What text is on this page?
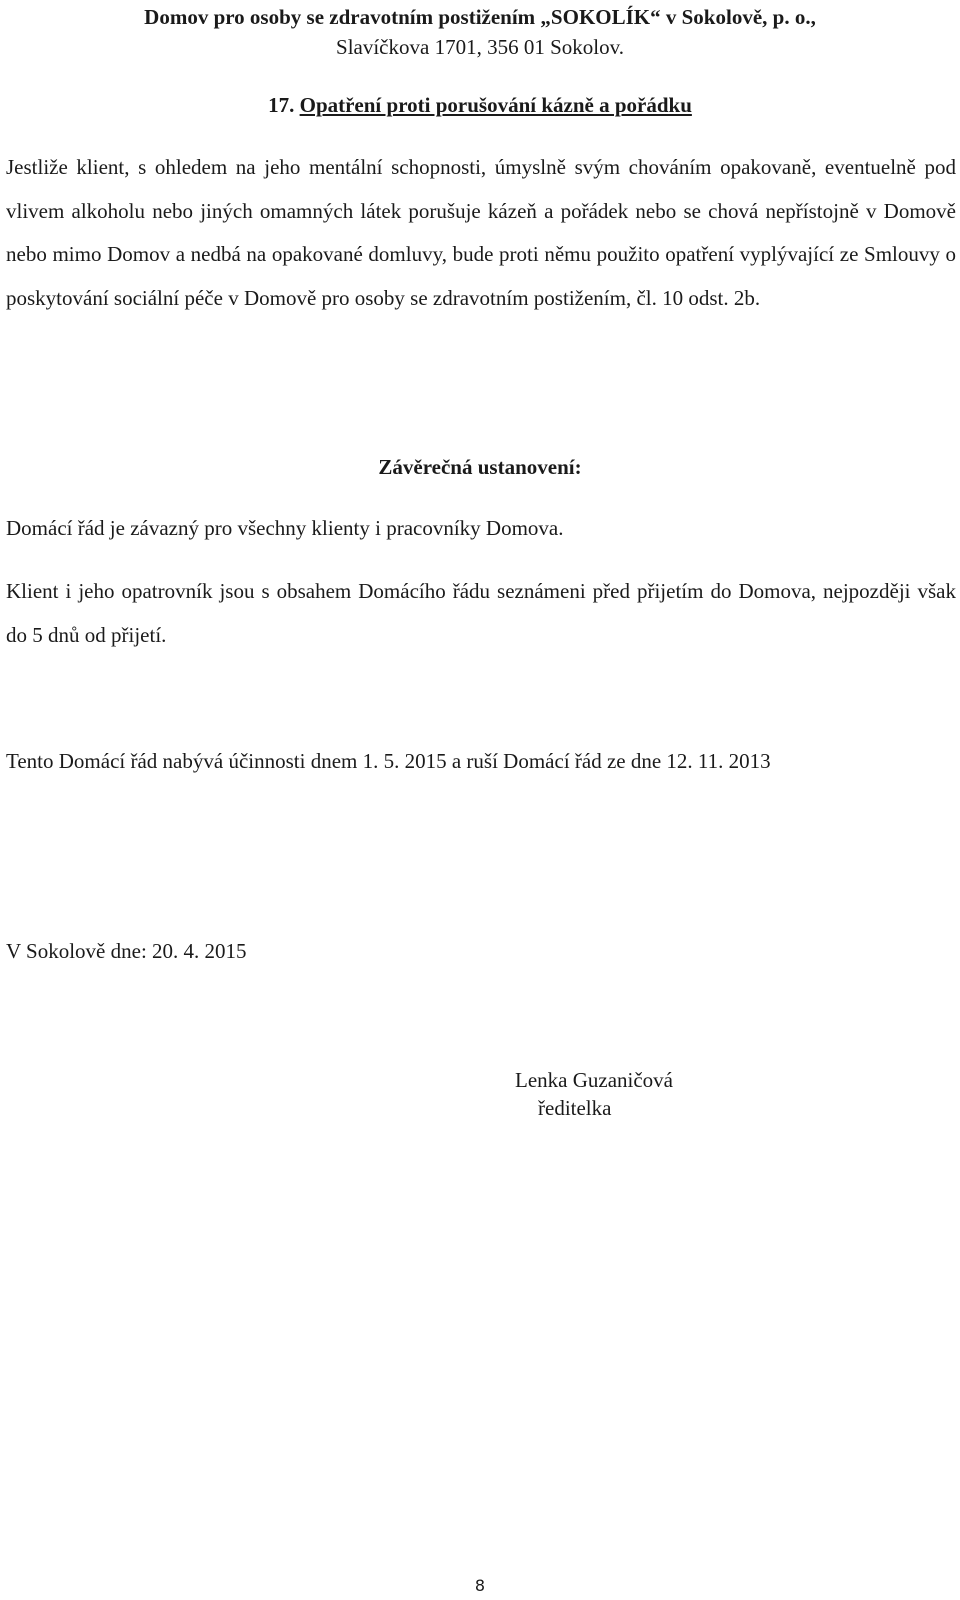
Domov pro osoby se zdravotním postižením „SOKOLÍK“ v Sokolově, p. o.,
Slavíčkova 1701, 356 01 Sokolov.
17. Opatření proti porušování kázně a pořádku

Jestliže klient, s ohledem na jeho mentální schopnosti, úmyslně svým chováním opakovaně, eventuelně pod vlivem alkoholu nebo jiných omamných látek porušuje kázeň a pořádek nebo se chová nepřístojně v Domově nebo mimo Domov a nedbá na opakované domluvy, bude proti němu použito opatření vyplývající ze Smlouvy o poskytování sociální péče v Domově pro osoby se zdravotním postižením, čl. 10 odst. 2b.

Závěrečná ustanovení:
Domácí řád je závazný pro všechny klienty i pracovníky Domova.

Klient i jeho opatrovník jsou s obsahem Domácího řádu seznámeni před přijetím do Domova, nejpozději však do 5 dnů od přijetí.

Tento Domácí řád nabývá účinnosti dnem 1. 5. 2015 a ruší Domácí řád ze dne 12. 11. 2013
V Sokolově dne: 20. 4. 2015
Lenka Guzaničová
ředitelka
8
